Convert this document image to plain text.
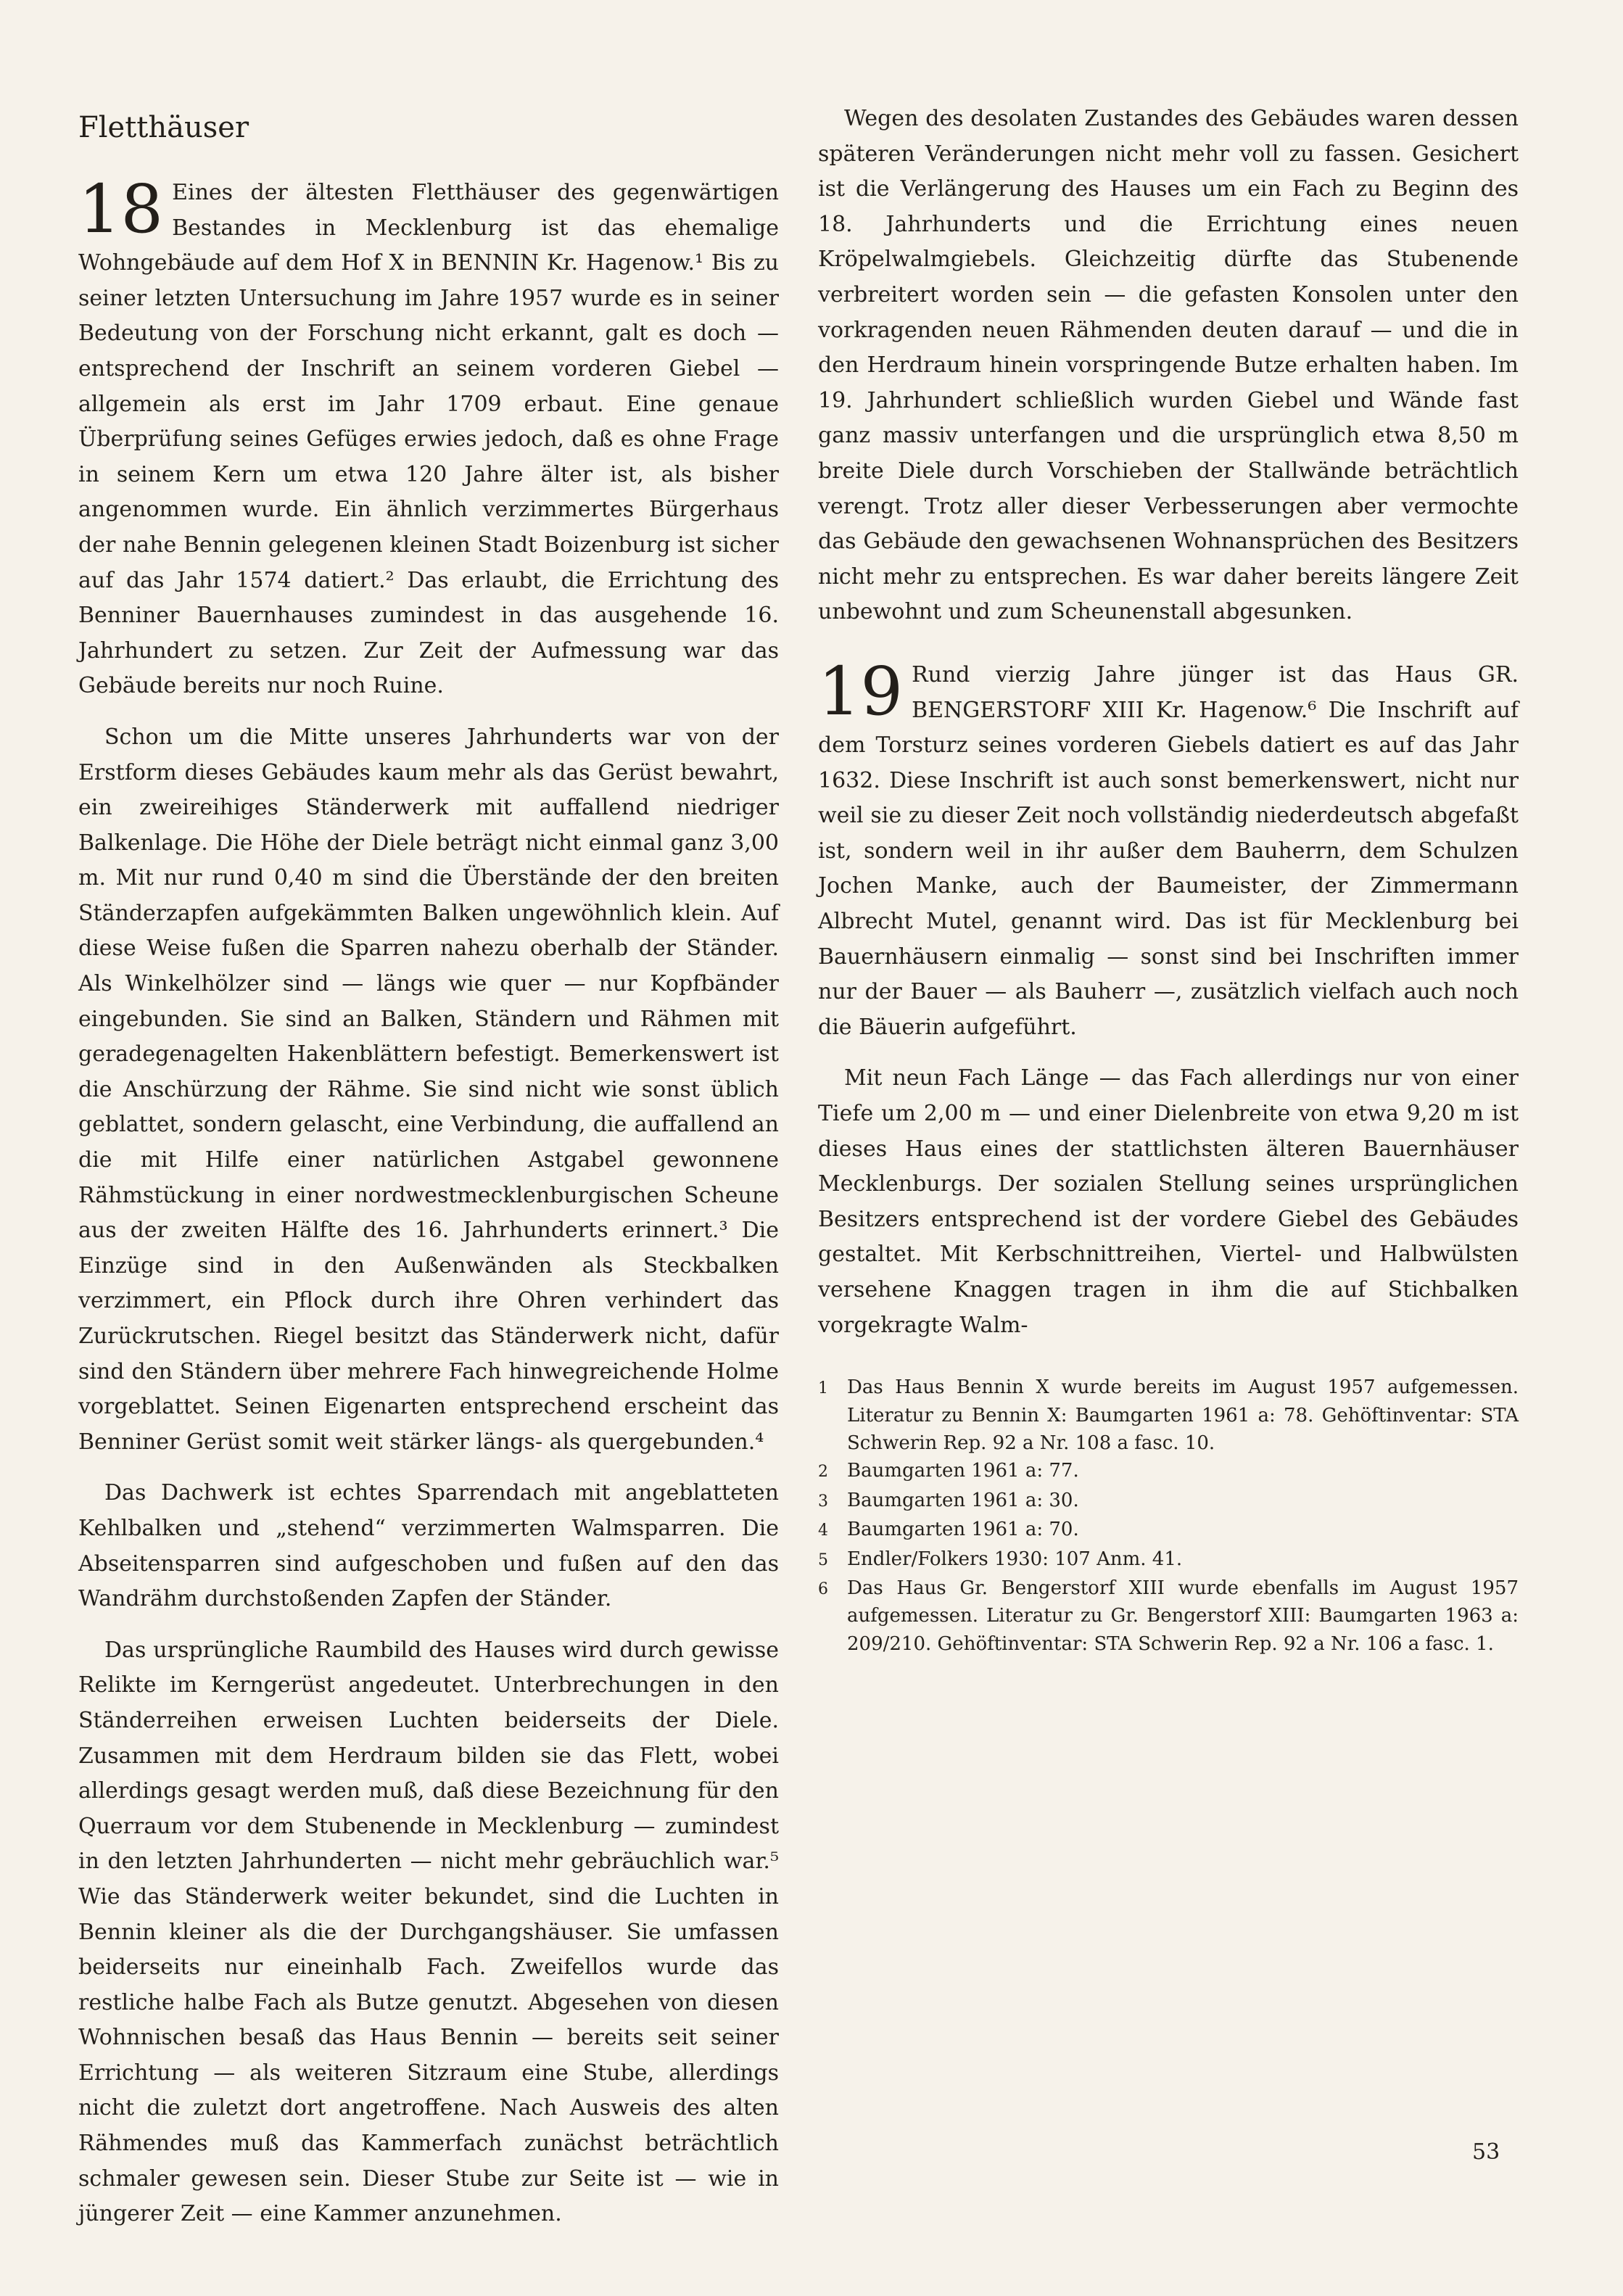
Fletthäuser
18 Eines der ältesten Fletthäuser des gegenwärtigen Bestandes in Mecklenburg ist das ehemalige Wohngebäude auf dem Hof X in BENNIN Kr. Hagenow.¹ Bis zu seiner letzten Untersuchung im Jahre 1957 wurde es in seiner Bedeutung von der Forschung nicht erkannt, galt es doch — entsprechend der Inschrift an seinem vorderen Giebel — allgemein als erst im Jahr 1709 erbaut. Eine genaue Überprüfung seines Gefüges erwies jedoch, daß es ohne Frage in seinem Kern um etwa 120 Jahre älter ist, als bisher angenommen wurde. Ein ähnlich verzimmertes Bürgerhaus der nahe Bennin gelegenen kleinen Stadt Boizenburg ist sicher auf das Jahr 1574 datiert.² Das erlaubt, die Errichtung des Benniner Bauernhauses zumindest in das ausgehende 16. Jahrhundert zu setzen. Zur Zeit der Aufmessung war das Gebäude bereits nur noch Ruine.

Schon um die Mitte unseres Jahrhunderts war von der Erstform dieses Gebäudes kaum mehr als das Gerüst bewahrt, ein zweireihiges Ständerwerk mit auffallend niedriger Balkenlage. Die Höhe der Diele beträgt nicht einmal ganz 3,00 m. Mit nur rund 0,40 m sind die Überstände der den breiten Ständerzapfen aufgekämmten Balken ungewöhnlich klein. Auf diese Weise fußen die Sparren nahezu oberhalb der Ständer. Als Winkelhölzer sind — längs wie quer — nur Kopfbänder eingebunden. Sie sind an Balken, Ständern und Rähmen mit geradegenagelten Hakenblättern befestigt. Bemerkenswert ist die Anschürzung der Rähme. Sie sind nicht wie sonst üblich geblattet, sondern gelascht, eine Verbindung, die auffallend an die mit Hilfe einer natürlichen Astgabel gewonnene Rähmstückung in einer nordwestmecklenburgischen Scheune aus der zweiten Hälfte des 16. Jahrhunderts erinnert.³ Die Einzüge sind in den Außenwänden als Steckbalken verzimmert, ein Pflock durch ihre Ohren verhindert das Zurückrutschen. Riegel besitzt das Ständerwerk nicht, dafür sind den Ständern über mehrere Fach hinwegreichende Holme vorgeblattet. Seinen Eigenarten entsprechend erscheint das Benniner Gerüst somit weit stärker längs- als quergebunden.⁴

Das Dachwerk ist echtes Sparrendach mit angeblatteten Kehlbalken und „stehend“ verzimmerten Walmsparren. Die Abseitensparren sind aufgeschoben und fußen auf den das Wandrähm durchstoßenden Zapfen der Ständer.

Das ursprüngliche Raumbild des Hauses wird durch gewisse Relikte im Kerngerüst angedeutet. Unterbrechungen in den Ständerreihen erweisen Luchten beiderseits der Diele. Zusammen mit dem Herdraum bilden sie das Flett, wobei allerdings gesagt werden muß, daß diese Bezeichnung für den Querraum vor dem Stubenende in Mecklenburg — zumindest in den letzten Jahrhunderten — nicht mehr gebräuchlich war.⁵ Wie das Ständerwerk weiter bekundet, sind die Luchten in Bennin kleiner als die der Durchgangshäuser. Sie umfassen beiderseits nur eineinhalb Fach. Zweifellos wurde das restliche halbe Fach als Butze genutzt. Abgesehen von diesen Wohnnischen besaß das Haus Bennin — bereits seit seiner Errichtung — als weiteren Sitzraum eine Stube, allerdings nicht die zuletzt dort angetroffene. Nach Ausweis des alten Rähmendes muß das Kammerfach zunächst beträchtlich schmaler gewesen sein. Dieser Stube zur Seite ist — wie in jüngerer Zeit — eine Kammer anzunehmen.

Wegen des desolaten Zustandes des Gebäudes waren dessen späteren Veränderungen nicht mehr voll zu fassen. Gesichert ist die Verlängerung des Hauses um ein Fach zu Beginn des 18. Jahrhunderts und die Errichtung eines neuen Kröpelwalmgiebels. Gleichzeitig dürfte das Stubenende verbreitert worden sein — die gefasten Konsolen unter den vorkragenden neuen Rähmenden deuten darauf — und die in den Herdraum hinein vorspringende Butze erhalten haben. Im 19. Jahrhundert schließlich wurden Giebel und Wände fast ganz massiv unterfangen und die ursprünglich etwa 8,50 m breite Diele durch Vorschieben der Stallwände beträchtlich verengt. Trotz aller dieser Verbesserungen aber vermochte das Gebäude den gewachsenen Wohnansprüchen des Besitzers nicht mehr zu entsprechen. Es war daher bereits längere Zeit unbewohnt und zum Scheunenstall abgesunken.

19 Rund vierzig Jahre jünger ist das Haus GR. BENGERSTORF XIII Kr. Hagenow.⁶ Die Inschrift auf dem Torsturz seines vorderen Giebels datiert es auf das Jahr 1632. Diese Inschrift ist auch sonst bemerkenswert, nicht nur weil sie zu dieser Zeit noch vollständig niederdeutsch abgefaßt ist, sondern weil in ihr außer dem Bauherrn, dem Schulzen Jochen Manke, auch der Baumeister, der Zimmermann Albrecht Mutel, genannt wird. Das ist für Mecklenburg bei Bauernhäusern einmalig — sonst sind bei Inschriften immer nur der Bauer — als Bauherr —, zusätzlich vielfach auch noch die Bäuerin aufgeführt.

Mit neun Fach Länge — das Fach allerdings nur von einer Tiefe um 2,00 m — und einer Dielenbreite von etwa 9,20 m ist dieses Haus eines der stattlichsten älteren Bauernhäuser Mecklenburgs. Der sozialen Stellung seines ursprünglichen Besitzers entsprechend ist der vordere Giebel des Gebäudes gestaltet. Mit Kerbschnittreihen, Viertel- und Halbwülsten versehene Knaggen tragen in ihm die auf Stichbalken vorgekragte Walm-

1	Das Haus Bennin X wurde bereits im August 1957 aufgemessen. Literatur zu Bennin X: Baumgarten 1961 a: 78. Gehöftinventar: STA Schwerin Rep. 92 a Nr. 108 a fasc. 10.
2	Baumgarten 1961 a: 77.
3	Baumgarten 1961 a: 30.
4	Baumgarten 1961 a: 70.
5	Endler/Folkers 1930: 107 Anm. 41.
6	Das Haus Gr. Bengerstorf XIII wurde ebenfalls im August 1957 aufgemessen. Literatur zu Gr. Bengerstorf XIII: Baumgarten 1963 a: 209/210. Gehöftinventar: STA Schwerin Rep. 92 a Nr. 106 a fasc. 1.
53
